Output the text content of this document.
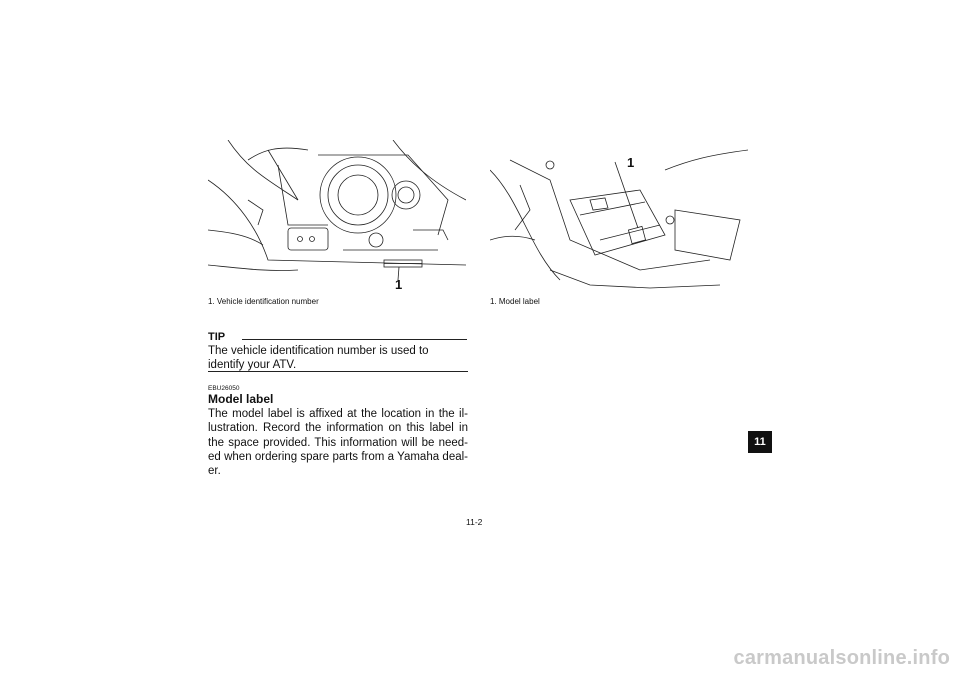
1
1. Vehicle identification number
1
1. Model label
TIP
The vehicle identification number is used to identify your ATV.
EBU26050
Model label
The model label is affixed at the location in the il-
lustration. Record the information on this label in
the space provided. This information will be need-
ed when ordering spare parts from a Yamaha deal-
er.
11
11-2
carmanualsonline.info
